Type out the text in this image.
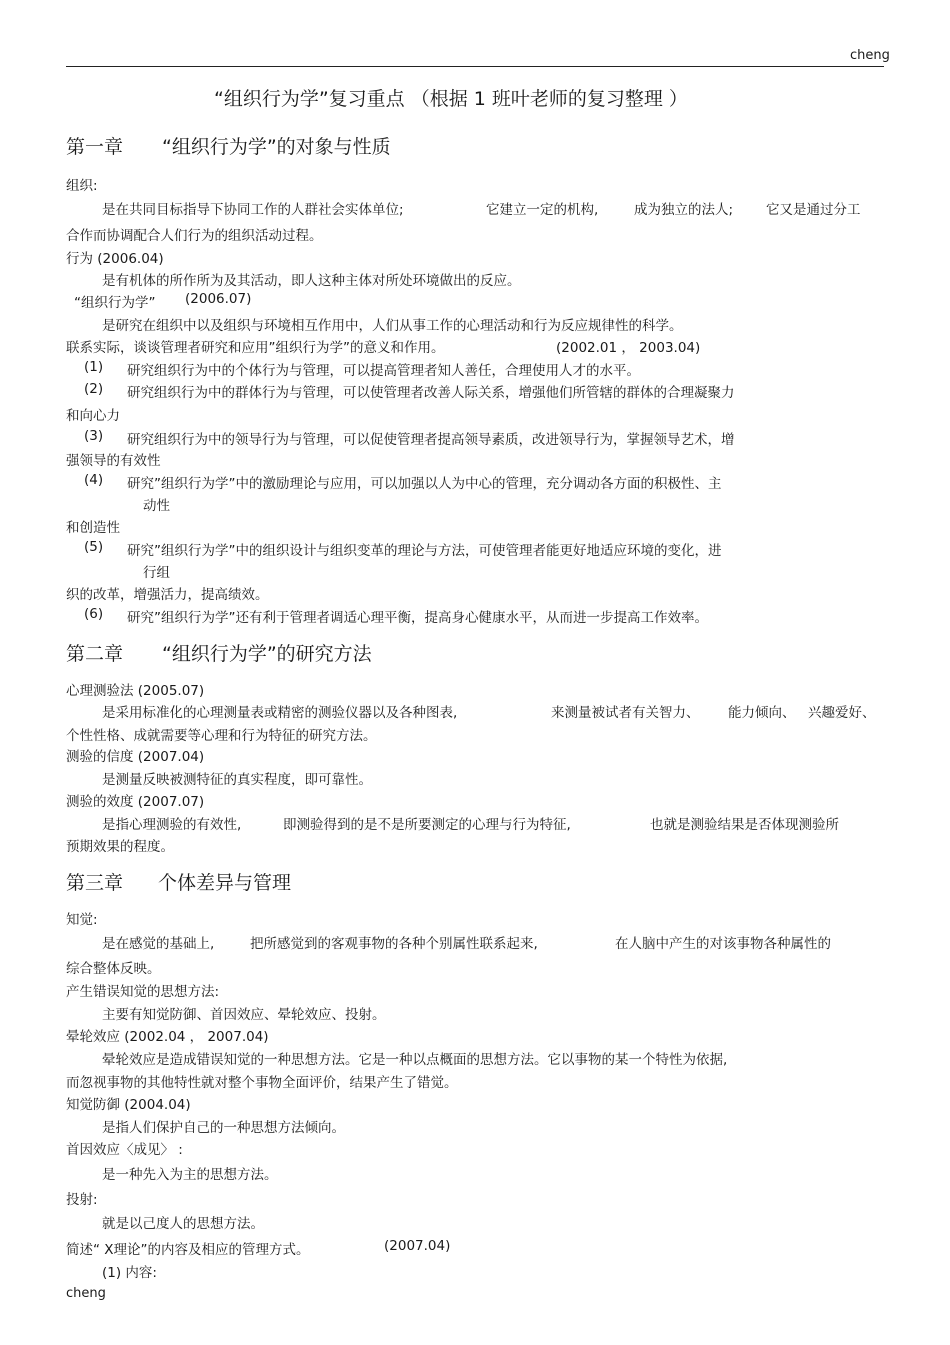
cheng
“组织行为学”复习重点 （根据 1 班叶老师的复习整理 ）
第一章 “组织行为学”的对象与性质
组织:
是在共同目标指导下协同工作的人群社会实体单位;	它建立一定的机构,	成为独立的法人; 它又是通过分工
合作而协调配合人们行为的组织活动过程。
行为 (2006.04)
是有机体的所作所为及其活动，即人这种主体对所处环境做出的反应。
“组织行为学” (2006.07)
是研究在组织中以及组织与环境相互作用中，人们从事工作的心理活动和行为反应规律性的科学。
联系实际，谈谈管理者研究和应用”组织行为学”的意义和作用。	(2002.01 ， 2003.04)
(1) 研究组织行为中的个体行为与管理，可以提高管理者知人善任，合理使用人才的水平。
(2) 研究组织行为中的群体行为与管理，可以使管理者改善人际关系，增强他们所管辖的群体的合理凝聚力
和向心力
(3) 研究组织行为中的领导行为与管理，可以促使管理者提高领导素质，改进领导行为，掌握领导艺术，增
强领导的有效性
(4) 研究”组织行为学”中的激励理论与应用，可以加强以人为中心的管理，充分调动各方面的积极性、主
动性
和创造性
(5) 研究”组织行为学”中的组织设计与组织变革的理论与方法，可使管理者能更好地适应环境的变化，进
行组
织的改革，增强活力，提高绩效。
(6) 研究”组织行为学”还有利于管理者调适心理平衡，提高身心健康水平，从而进一步提高工作效率。
第二章 “组织行为学”的研究方法
心理测验法 (2005.07)
是采用标准化的心理测量表或精密的测验仪器以及各种图表,	来测量被试者有关智力、 能力倾向、 兴趣爱好、
个性性格、成就需要等心理和行为特征的研究方法。
测验的信度 (2007.04)
是测量反映被测特征的真实程度，即可靠性。
测验的效度 (2007.07)
是指心理测验的有效性,	即测验得到的是不是所要测定的心理与行为特征,	也就是测验结果是否体现测验所
预期效果的程度。
第三章 个体差异与管理
知觉:
是在感觉的基础上,	把所感觉到的客观事物的各种个别属性联系起来,	在人脑中产生的对该事物各种属性的
综合整体反映。
产生错误知觉的思想方法:
主要有知觉防御、首因效应、晕轮效应、投射。
晕轮效应 (2002.04 ， 2007.04)
晕轮效应是造成错误知觉的一种思想方法。它是一种以点概面的思想方法。它以事物的某一个特性为依据,
而忽视事物的其他特性就对整个事物全面评价，结果产生了错觉。
知觉防御 (2004.04)
是指人们保护自己的一种思想方法倾向。
首因效应〈成见〉 :
是一种先入为主的思想方法。
投射:
就是以己度人的思想方法。
简述“ X理论”的内容及相应的管理方式。	(2007.04)
(1) 内容:
cheng
